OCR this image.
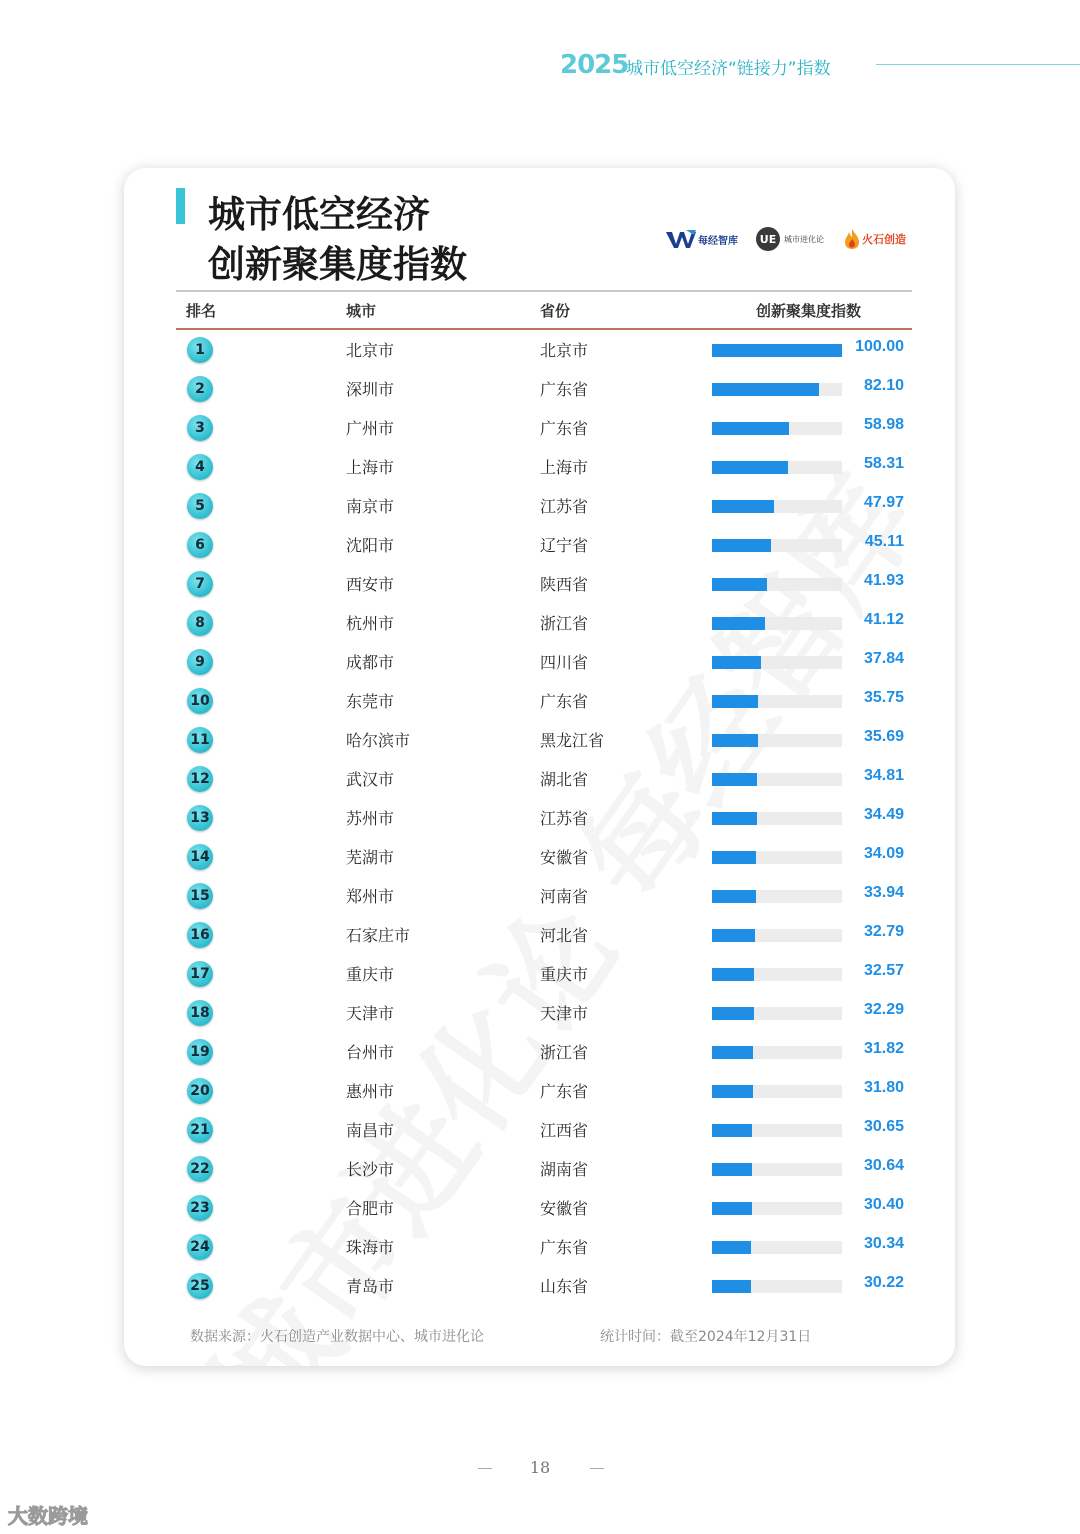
2025
城市低空经济“链接力”指数
城市低空经济
创新聚集度指数
每经智库	UE 城市进化论	火石创造
排名	城市	省份	创新聚集度指数
1	北京市	北京市	100.00
2	深圳市	广东省	82.10
3	广州市	广东省	58.98
4	上海市	上海市	58.31
5	南京市	江苏省	47.97
6	沈阳市	辽宁省	45.11
7	西安市	陕西省	41.93
8	杭州市	浙江省	41.12
9	成都市	四川省	37.84
10	东莞市	广东省	35.75
11	哈尔滨市	黑龙江省	35.69
12	武汉市	湖北省	34.81
13	苏州市	江苏省	34.49
14	芜湖市	安徽省	34.09
15	郑州市	河南省	33.94
16	石家庄市	河北省	32.79
17	重庆市	重庆市	32.57
18	天津市	天津市	32.29
19	台州市	浙江省	31.82
20	惠州市	广东省	31.80
21	南昌市	江西省	30.65
22	长沙市	湖南省	30.64
23	合肥市	安徽省	30.40
24	珠海市	广东省	30.34
25	青岛市	山东省	30.22
数据来源：火石创造产业数据中心、城市进化论	统计时间：截至2024年12月31日
18
大数跨境
